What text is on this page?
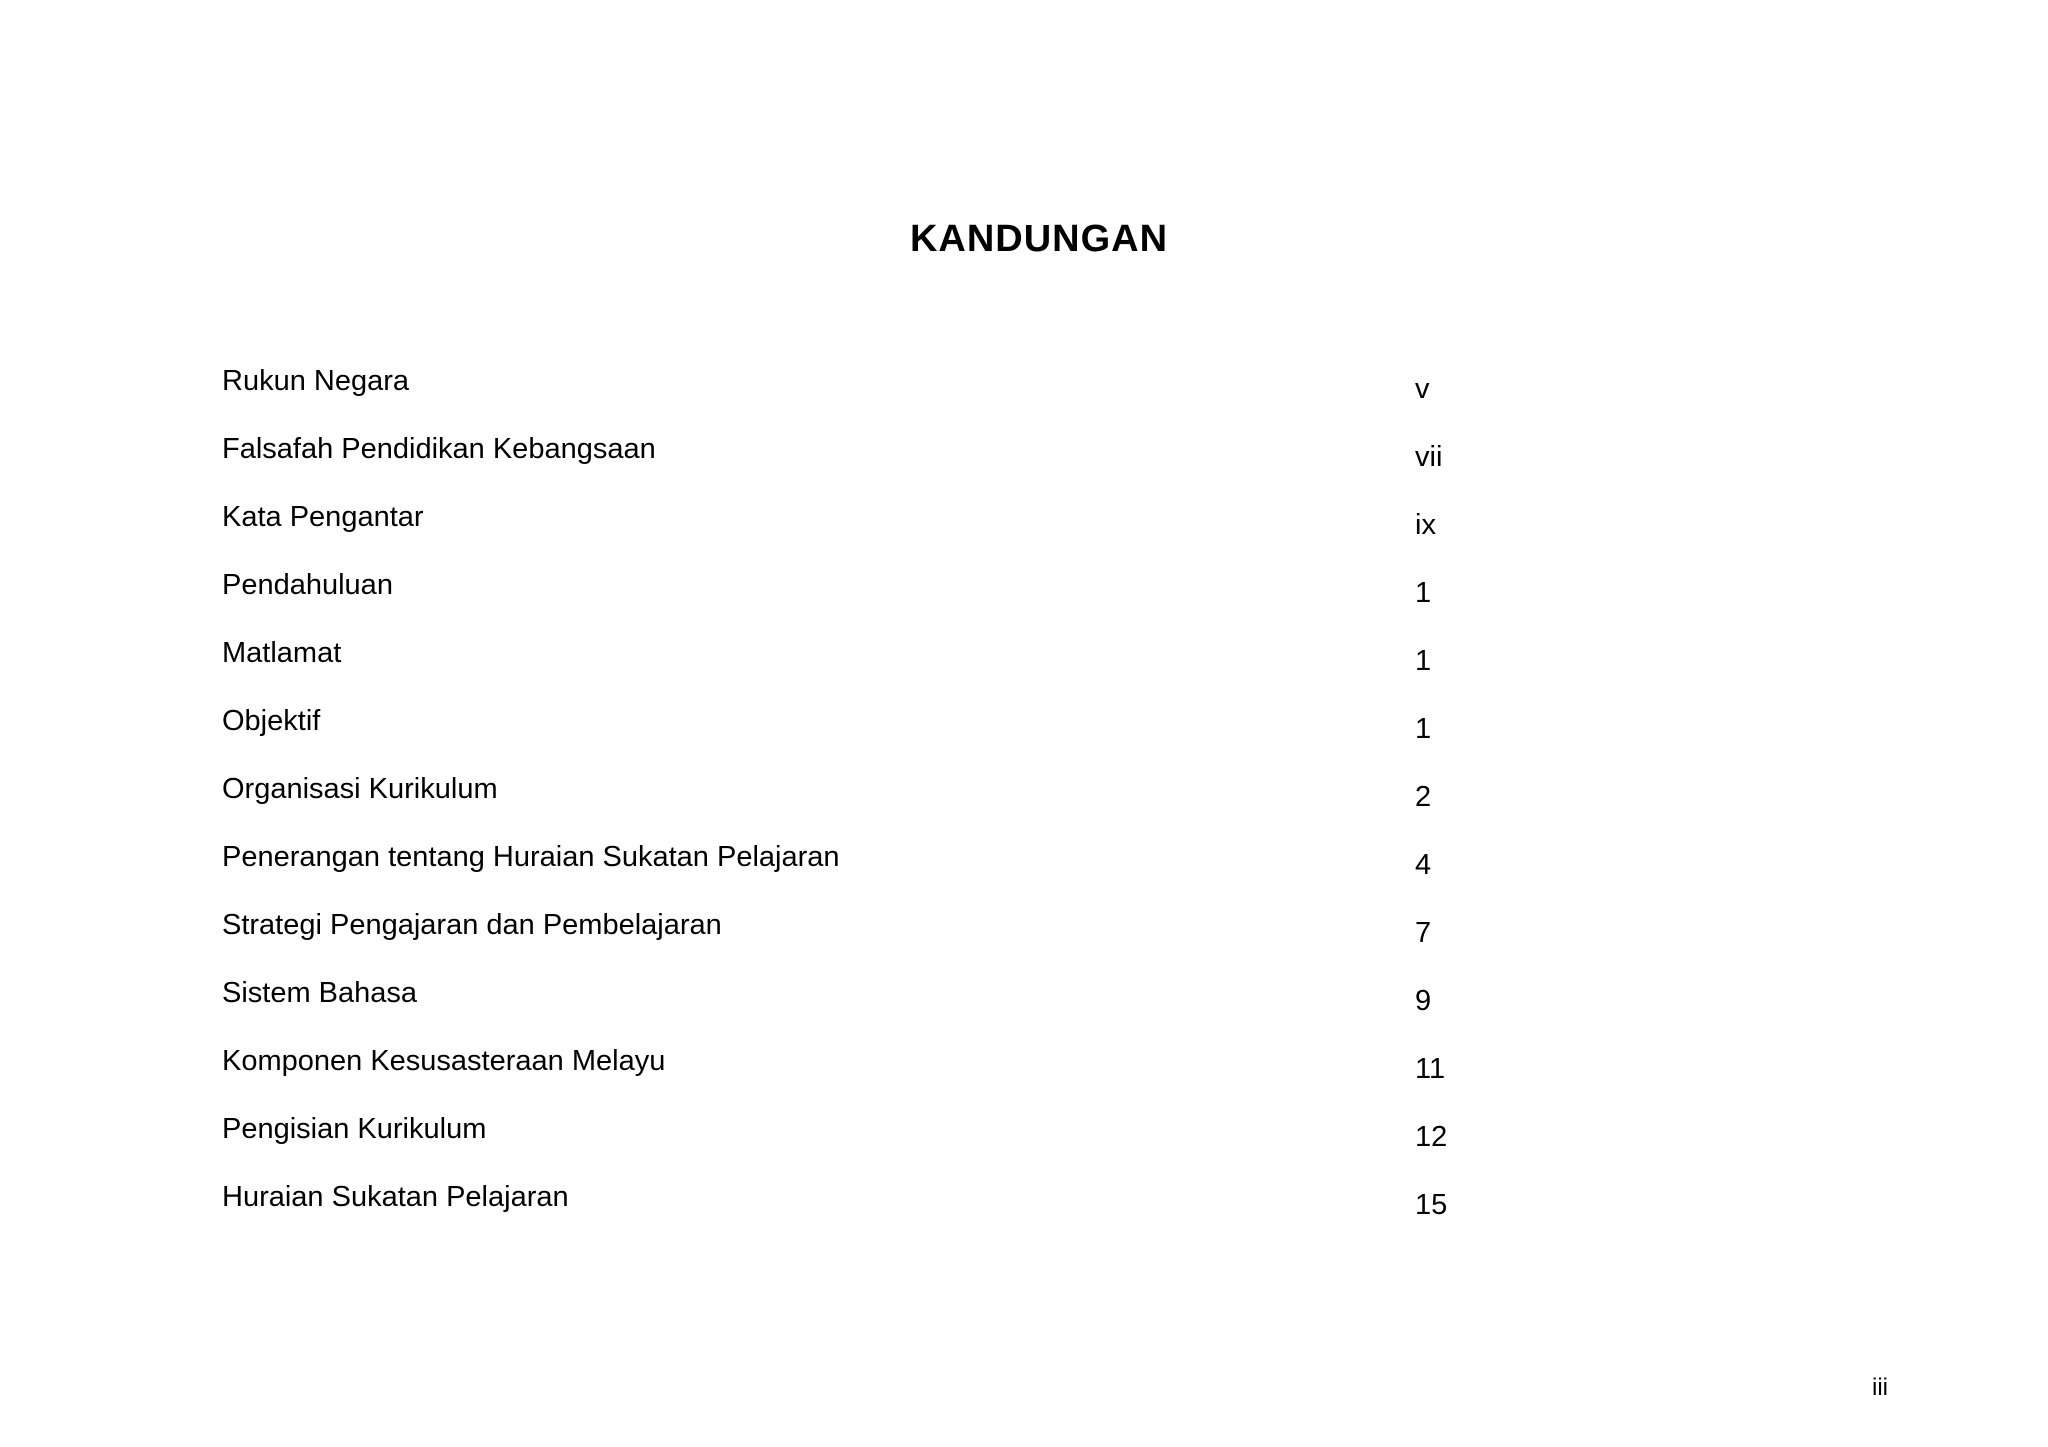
KANDUNGAN
Rukun Negara	v
Falsafah Pendidikan Kebangsaan	vii
Kata Pengantar	ix
Pendahuluan	1
Matlamat	1
Objektif	1
Organisasi Kurikulum	2
Penerangan tentang Huraian Sukatan Pelajaran	4
Strategi Pengajaran dan Pembelajaran	7
Sistem Bahasa	9
Komponen Kesusasteraan Melayu	11
Pengisian Kurikulum	12
Huraian Sukatan Pelajaran	15
iii
